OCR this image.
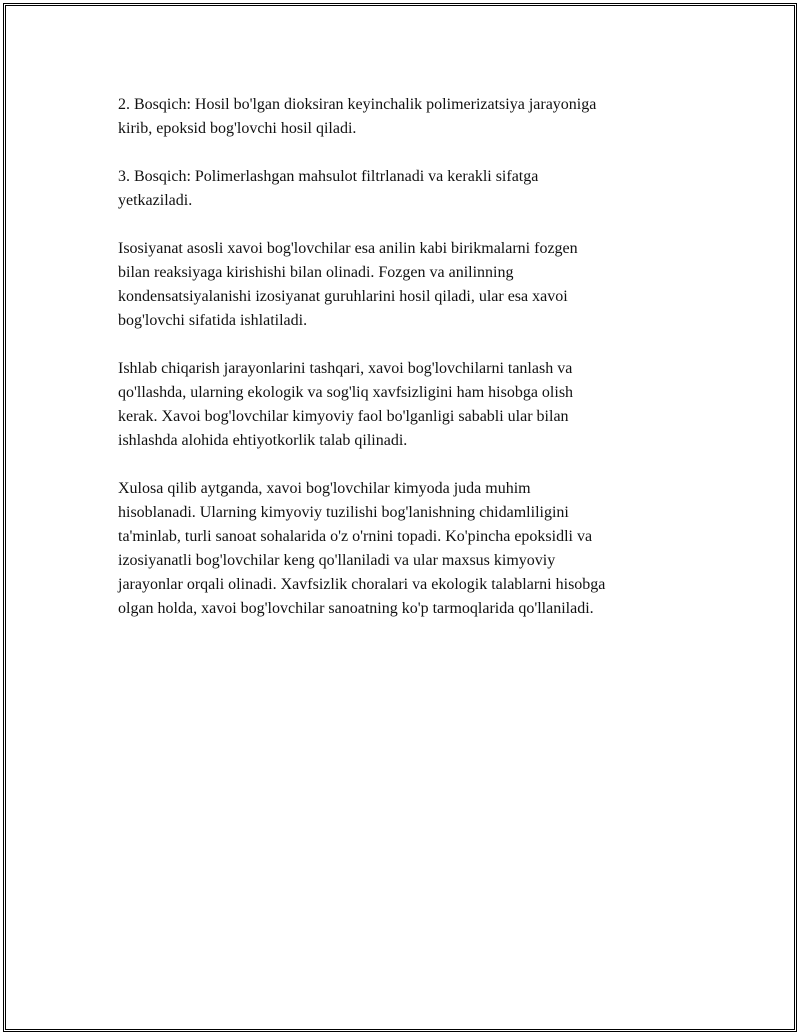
2. Bosqich: Hosil bo'lgan dioksiran keyinchalik polimerizatsiya jarayoniga
kirib, epoksid bog'lovchi hosil qiladi.

3. Bosqich: Polimerlashgan mahsulot filtrlanadi va kerakli sifatga
yetkaziladi.

Isosiyanat asosli xavoi bog'lovchilar esa anilin kabi birikmalarni fozgen
bilan reaksiyaga kirishishi bilan olinadi. Fozgen va anilinning
kondensatsiyalanishi izosiyanat guruhlarini hosil qiladi, ular esa xavoi
bog'lovchi sifatida ishlatiladi.

Ishlab chiqarish jarayonlarini tashqari, xavoi bog'lovchilarni tanlash va
qo'llashda, ularning ekologik va sog'liq xavfsizligini ham hisobga olish
kerak. Xavoi bog'lovchilar kimyoviy faol bo'lganligi sababli ular bilan
ishlashda alohida ehtiyotkorlik talab qilinadi.

Xulosa qilib aytganda, xavoi bog'lovchilar kimyoda juda muhim
hisoblanadi. Ularning kimyoviy tuzilishi bog'lanishning chidamliligini
ta'minlab, turli sanoat sohalarida o'z o'rnini topadi. Ko'pincha epoksidli va
izosiyanatli bog'lovchilar keng qo'llaniladi va ular maxsus kimyoviy
jarayonlar orqali olinadi. Xavfsizlik choralari va ekologik talablarni hisobga
olgan holda, xavoi bog'lovchilar sanoatning ko'p tarmoqlarida qo'llaniladi.
